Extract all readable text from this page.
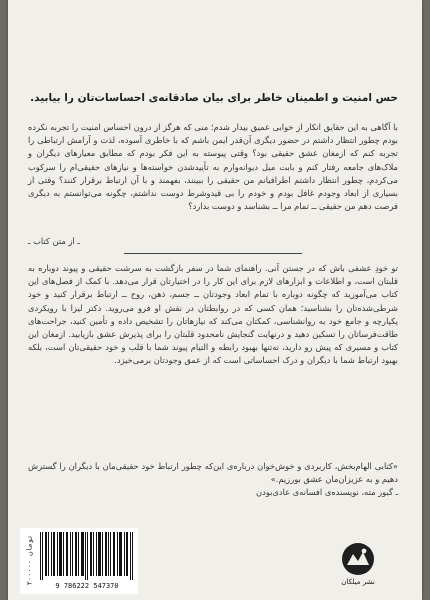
حس امنیت و اطمینان خاطر برای بیان صادقانه‌ی احساسات‌تان را بیابید.

با آگاهی به این حقایق انکار از خوابی عمیق بیدار شدم؛ منی که هرگز از درون احساس امنیت را تجربه نکرده بودم چطور انتظار داشتم در حضور دیگری آن‌قدر ایمن باشم که با خاطری آسوده، لذت و آرامش ارتباطی را تجربه کنم که ازمغان عشق حقیقی بود؟ وقتی پیوسته به این فکر بودم که مطابق معیارهای دیگران و ملاک‌های جامعه رفتار کنم و بابت میل دیوانه‌وارم به تأییدشدن خواسته‌ها و نیازهای حقیقی‌ام را سرکوب می‌کردم، چطور انتظار داشتم اطرافیانم من حقیقی را ببینند، بفهمند و با آن ارتباط برقرار کنند؟ وقتی از بسیاری از ابعاد وجودم غافل بودم و خودم را بی قیدوشرط دوست نداشتم، چگونه می‌توانستم به دیگری فرصت دهم من حقیقی ــ تمام مرا ــ بشناسد و دوست بدارد؟

ـ از متن کتاب ـ

تو خودِ عشقی باش که در جستن آنی. راهنمای شما در سفر بازگشت به سرشت حقیقی و پیوند دوباره به قلبتان است، و اطلاعات و ابزارهای لازم برای این کار را در اختیارتان قرار می‌دهد. با کمک از فصل‌های این کتاب می‌آموزید که چگونه دوباره با تمام ابعاد وجودتان ــ جسم، ذهن، روح ــ ارتباط برقرار کنید و خود شرطی‌شده‌تان را بشناسید؛ همان کسی که در روابطتان در نقش او فرو می‌روید. دکتر لیزا با رویکردی یکپارچه و جامع خود به روانشناسی، کمکتان می‌کند که نیازهاتان را تشخیص داده و تأمین کنید، جراحت‌های طاقت‌فرساتان را تسکین دهید و درنهایت گنجایش نامحدود قلبتان را برای پذیرش عشق بازیابید. ازمغان این کتاب و مسیری که پیش رو دارید، نه‌تنها بهبود رابطه و التیام پیوند شما با قلب و خود حقیقی‌تان است، بلکه بهبود ارتباط شما با دیگران و درک احساساتی است که از عمق وجودتان برمی‌خیزد.

«کتابی الهام‌بخش، کاربردی و خوش‌خوان درباره‌ی این‌که چطور ارتباط خود حقیقی‌مان با دیگران را گسترش دهیم و به عزیزان‌مان عشق بورزیم.»

ـ گبور مته، نویسنده‌ی افسانه‌ی عادی‌بودن

۲۰۰۰۰۰ تومان
9 786222 547370	نشر میلکان
